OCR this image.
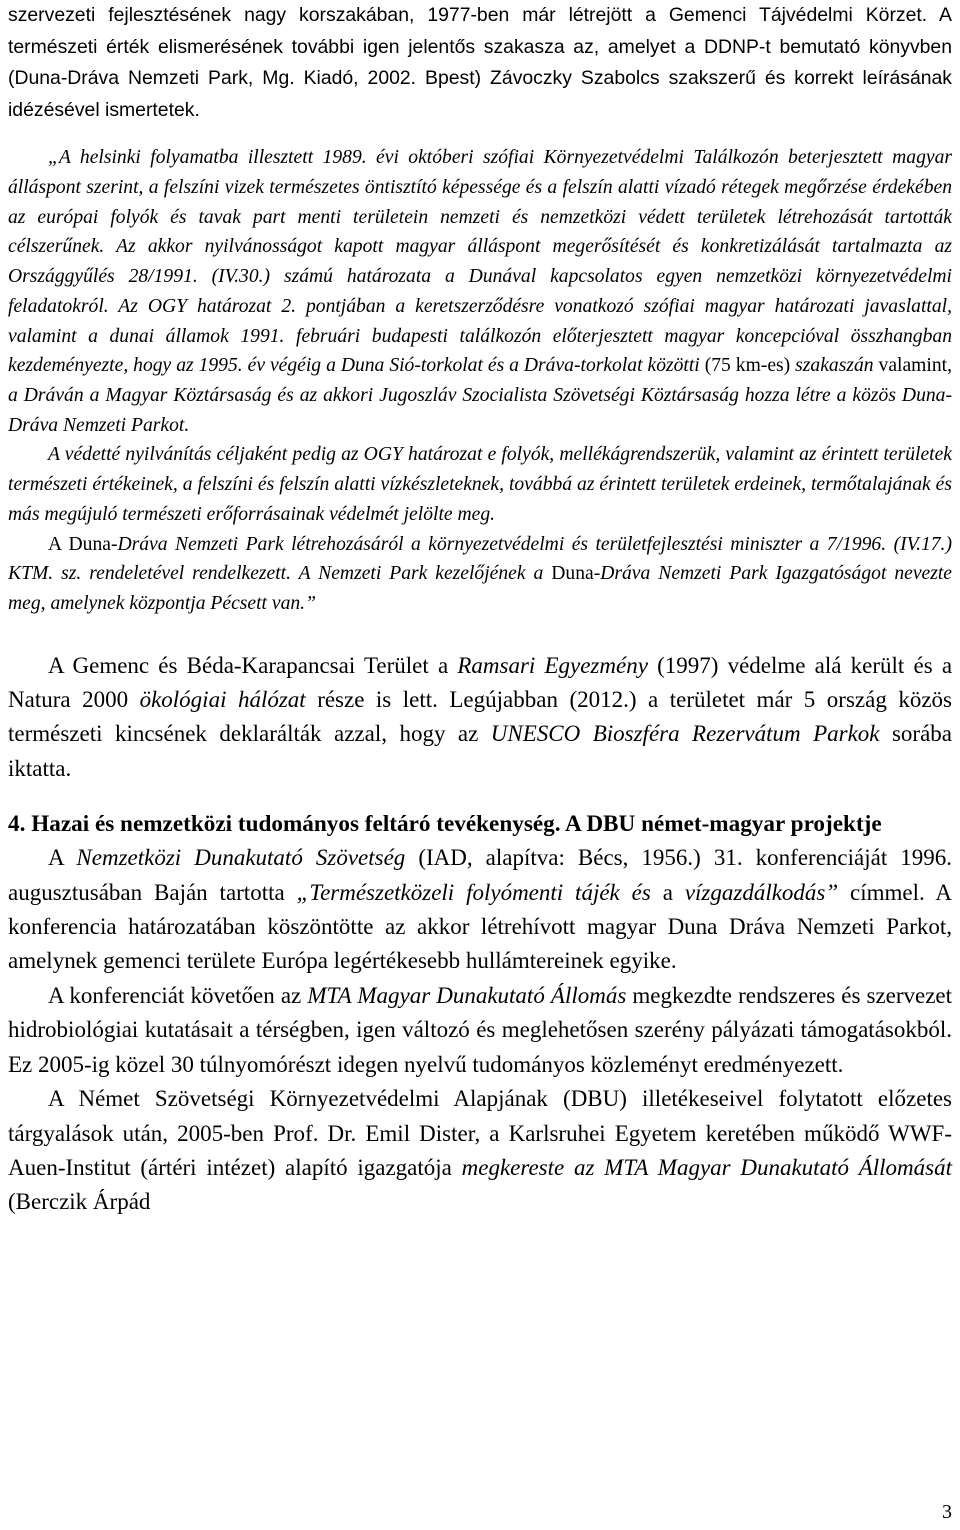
szervezeti fejlesztésének nagy korszakában, 1977-ben már létrejött a Gemenci Tájvédelmi Körzet. A természeti érték elismerésének további igen jelentős szakasza az, amelyet a DDNP-t bemutató könyvben (Duna-Dráva Nemzeti Park, Mg. Kiadó, 2002. Bpest) Závoczky Szabolcs szakszerű és korrekt leírásának idézésével ismertetek.

„A helsinki folyamatba illesztett 1989. évi októberi szófiai Környezetvédelmi Találkozón beterjesztett magyar álláspont szerint, a felszíni vizek természetes öntisztító képessége és a felszín alatti vízadó rétegek megőrzése érdekében az európai folyók és tavak part menti területein nemzeti és nemzetközi védett területek létrehozását tartották célszerűnek. Az akkor nyilvánosságot kapott magyar álláspont megerősítését és konkretizálását tartalmazta az Országgyűlés 28/1991. (IV.30.) számú határozata a Dunával kapcsolatos egyen nemzetközi környezetvédelmi feladatokról. Az OGY határozat 2. pontjában a keretszerződésre vonatkozó szófiai magyar határozati javaslattal, valamint a dunai államok 1991. februári budapesti találkozón előterjesztett magyar koncepcióval összhangban kezdeményezte, hogy az 1995. év végéig a Duna Sió-torkolat és a Dráva-torkolat közötti (75 km-es) szakaszán valamint, a Dráván a Magyar Köztársaság és az akkori Jugoszláv Szocialista Szövetségi Köztársaság hozza létre a közös Duna-Dráva Nemzeti Parkot.

A védetté nyilvánítás céljaként pedig az OGY határozat e folyók, mellékágrendszerük, valamint az érintett területek természeti értékeinek, a felszíni és felszín alatti vízkészleteknek, továbbá az érintett területek erdeinek, termőtalajának és más megújuló természeti erőforrásainak védelmét jelölte meg.

A Duna-Dráva Nemzeti Park létrehozásáról a környezetvédelmi és területfejlesztési miniszter a 7/1996. (IV.17.) KTM. sz. rendeletével rendelkezett. A Nemzeti Park kezelőjének a Duna-Dráva Nemzeti Park Igazgatóságot nevezte meg, amelynek központja Pécsett van.”

A Gemenc és Béda-Karapancsai Terület a Ramsari Egyezmény (1997) védelme alá került és a Natura 2000 ökológiai hálózat része is lett. Legújabban (2012.) a területet már 5 ország közös természeti kincsének deklarálták azzal, hogy az UNESCO Bioszféra Rezervátum Parkok sorába iktatta.

4. Hazai és nemzetközi tudományos feltáró tevékenység. A DBU német-magyar projektje

A Nemzetközi Dunakutató Szövetség (IAD, alapítva: Bécs, 1956.) 31. konferenciáját 1996. augusztusában Baján tartotta „Természetközeli folyómenti tájék és a vízgazdálkodás” címmel. A konferencia határozatában köszöntötte az akkor létrehívott magyar Duna Dráva Nemzeti Parkot, amelynek gemenci területe Európa legértékesebb hullámtereinek egyike.

A konferenciát követően az MTA Magyar Dunakutató Állomás megkezdte rendszeres és szervezet hidrobiológiai kutatásait a térségben, igen változó és meglehetősen szerény pályázati támogatásokból. Ez 2005-ig közel 30 túlnyomórészt idegen nyelvű tudományos közleményt eredményezett.

A Német Szövetségi Környezetvédelmi Alapjának (DBU) illetékeseivel folytatott előzetes tárgyalások után, 2005-ben Prof. Dr. Emil Dister, a Karlsruhei Egyetem keretében működő WWF-Auen-Institut (ártéri intézet) alapító igazgatója megkereste az MTA Magyar Dunakutató Állomását (Berczik Árpád

3
